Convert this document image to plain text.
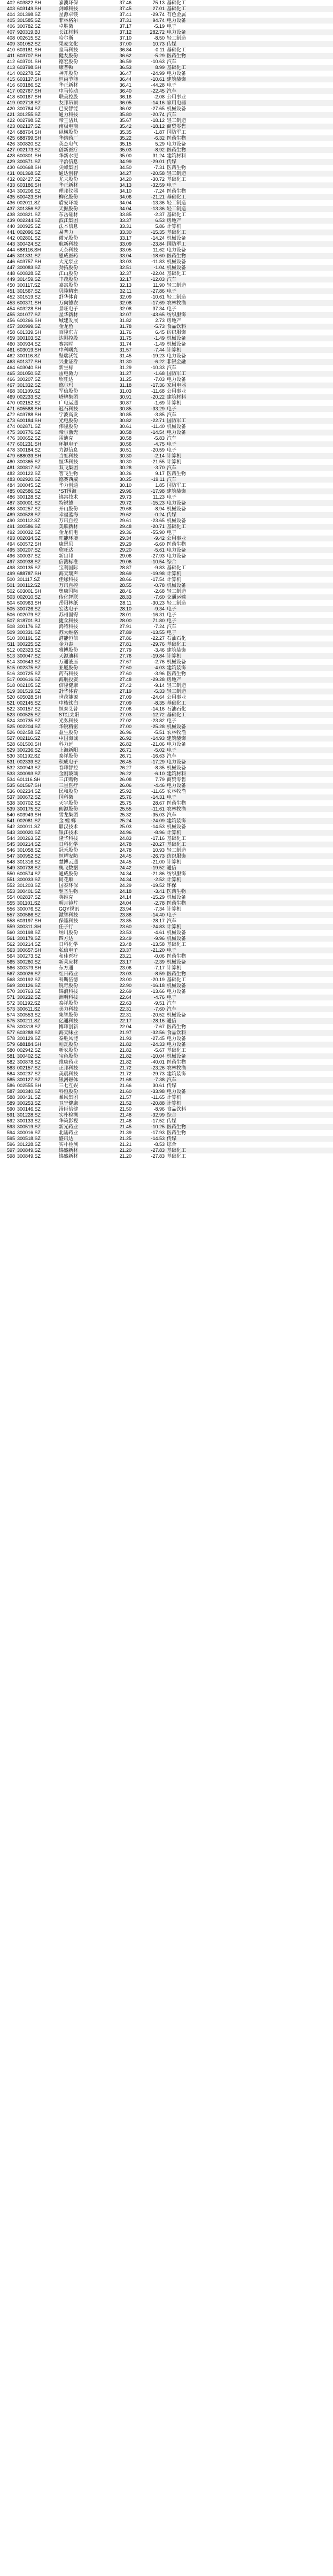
402	603822.SH	嘉澳环保	37.46	75.13	基础化工	
403	603149.SH	剑峰科技	37.45	27.01	基础化工	
404	301398.SZ	星源卓镁	37.41	-29.74	有色金属	
405	301585.SZ	菲林格尔	37.31	94.74	电力设备	
406	300782.SZ	卓胜微	37.17	-5.19	电子	
407	920319.BJ	长江材料	37.12	282.72	电力设备	
408	002615.SZ	哈尔斯	37.10	-8.50	轻工制造	
409	301052.SZ	果麦文化	37.00	10.73	传媒	
410	603181.SH	皇马科技	36.84	-0.11	基础化工	
411	603707.SH	健友股份	36.62	-5.29	医药生物	
412	603701.SH	德宏股份	36.59	-10.63	汽车	
413	603798.SH	康普顿	36.53	8.99	基础化工	
414	002278.SZ	神开股份	36.47	-24.99	电力设备	
415	603137.SH	恒尚节能	36.44	-10.61	建筑装饰	
416	603186.SZ	华正新材	36.41	-44.28	电子	
417	002767.SH	中马传动	36.40	-22.45	汽车	
418	600167.SH	联美控股	36.16	-2.08	公用事业	
419	002718.SZ	友邦吊顶	36.05	-14.16	家用电器	
420	300784.SZ	已安智能	36.02	-27.65	机械设备	
421	301255.SZ	通力科技	35.80	-20.74	汽车	
422	002798.SZ	帝王洁具	35.67	-18.12	轻工制造	
423	002127.SZ	南极电商	35.42	-18.12	商贸零售	
424	688704.SH	纵横股份	35.35	-1.87	国防军工	
425	688799.SH	华纳药厂	35.22	-6.32	医药生物	
426	300820.SZ	英杰电气	35.15	5.29	电力设备	
427	002173.SZ	创新医疗	35.03	-8.92	医药生物	
428	600801.SH	华新水泥	35.00	31.24	建筑材料	
429	300571.SZ	平治信息	34.99	-29.01	传媒	
430	600668.SH	尖峰集团	34.50	-7.31	医药生物	
431	001368.SZ	通达创智	34.27	-20.58	轻工制造	
432	002427.SZ	尤夫股份	34.20	-30.72	基础化工	
433	603186.SH	华正新材	34.13	-32.59	电子	
434	300206.SZ	理邦仪器	34.10	-7.24	医药生物	
435	600423.SH	柳化股份	34.06	-21.21	基础化工	
436	002011.SZ	盾安环境	34.04	-13.36	轻工制造	
437	301356.SZ	天振股份	34.04	-13.36	轻工制造	
438	300821.SZ	东岳硅材	33.85	-2.37	基础化工	
439	002244.SZ	滨江集团	33.37	6.53	房地产	
440	300925.SZ	法本信息	33.31	5.86	计算机	
441	002096.SZ	易普力	33.30	-15.35	基础化工	
442	002801.SZ	微光股份	33.17	-14.24	机械设备	
443	300424.SZ	航新科技	33.09	-23.84	国防军工	
444	688116.SH	天奈科技	33.05	11.62	电力设备	
445	301331.SZ	恩威医药	33.04	-18.60	医药生物	
446	603757.SH	大元泵业	33.03	-11.83	机械设备	
447	300083.SZ	劲拓股份	32.51	-1.04	机械设备	
448	600828.SZ	江山股份	32.37	-22.04	基础化工	
449	301459.SZ	丰茂股份	32.17	-12.03	汽车	
450	300117.SZ	嘉寓股份	32.13	11.90	轻工制造	
451	301567.SZ	贝隆精密	32.11	-27.86	电子	
452	301519.SZ	舒华体育	32.09	-10.61	轻工制造	
453	600371.SH	万向德农	32.08	-17.69	农林牧渔	
454	603228.SH	景旺电子	32.08	37.34	电子	
455	301077.SZ	星华新材	32.07	-43.65	纺织服饰	
456	600266.SH	城建发展	31.82	2.73	房地产	
457	300999.SZ	金龙鱼	31.78	-5.73	食品饮料	
458	601339.SH	百隆东方	31.76	6.45	纺织服饰	
459	300103.SZ	达刚控股	31.75	-1.49	机械设备	
460	300934.SZ	赛富时	31.74	-1.49	机械设备	
461	603019.SH	中科曙光	31.57	-7.44	计算机	
462	300116.SZ	坚瑞沃能	31.45	-19.23	电力设备	
463	601377.SH	兴业证券	31.30	-6.22	非银金融	
464	603040.SH	新坐标	31.29	-10.33	汽车	
465	301050.SZ	雷电微力	31.27	-1.68	国防军工	
466	300207.SZ	欣旺达	31.25	-7.03	电力设备	
467	301332.SZ	德尔玛	31.18	-17.36	家用电器	
468	301109.SZ	军信股份	31.03	-11.68	公用事业	
469	002233.SZ	塔牌集团	30.91	-20.22	建筑材料	
470	002152.SZ	广电运通	30.87	-1.69	计算机	
471	605588.SH	冠石科技	30.85	-33.29	电子	
472	603788.SH	宁波高发	30.85	-3.85	汽车	
473	600184.SH	光电股份	30.82	-22.71	国防军工	
474	002871.SZ	伟隆股份	30.61	-11.40	机械设备	
475	300776.SZ	帝尔激光	30.58	-14.54	电力设备	
476	300652.SZ	雷迪克	30.58	-5.83	汽车	
477	601231.SH	环旭电子	30.56	-4.75	电子	
478	300184.SZ	力源信息	30.51	-20.59	电子	
479	688039.SH	当虹科技	30.30	-2.14	计算机	
480	300365.SZ	恒华科技	30.30	-21.55	计算机	
481	300817.SZ	双飞集团	30.28	-3.70	汽车	
482	300122.SZ	智飞生物	30.26	9.17	医药生物	
483	002920.SZ	德赛西威	30.25	-19.11	汽车	
484	300045.SZ	华力创通	30.10	1.85	国防军工	
485	002586.SZ	*ST围海	29.96	-17.98	建筑装饰	
486	300128.SZ	锦富技术	29.73	11.23	电子	
487	300001.SZ	特锐德	29.72	-15.23	电力设备	
488	300257.SZ	开山股份	29.68	-8.94	机械设备	
489	300528.SZ	幸福蓝海	29.62	-0.24	传媒	
490	300112.SZ	万讯自控	29.61	-23.65	机械设备	
491	300586.SZ	美联新材	29.48	-20.71	基础化工	
492	300032.SZ	金龙机电	29.36	-55.90	电子	
493	002034.SZ	旺能环境	29.34	-9.42	公用事业	
494	600572.SH	康恩贝	29.29	-6.60	医药生物	
495	300207.SZ	欣旺达	29.20	-5.61	电力设备	
496	300037.SZ	新宙邦	29.06	-27.93	电力设备	
497	300938.SZ	信测标准	29.06	-10.54	综合	
498	300135.SZ	宝利国际	28.87	-9.83	基础化工	
499	688787.SH	海天瑞声	28.69	-19.98	计算机	
500	301117.SZ	佳缘科技	28.66	-17.54	计算机	
501	300112.SZ	万讯自控	28.55	-0.78	机械设备	
502	603001.SH	奥康国际	28.46	-2.68	轻工制造	
503	002010.SZ	传化智联	28.33	-7.60	交通运输	
504	600963.SH	岳阳林纸	28.11	-30.23	轻工制造	
505	300726.SZ	宏达电子	28.10	-9.34	电子	
506	002079.SZ	苏州固锝	28.01	-16.31	电子	
507	818701.BJ	捷众科技	28.00	71.80	电子	
508	300176.SZ	鸿特科技	27.91	-7.24	汽车	
509	300331.SZ	苏大维格	27.89	-13.55	电子	
510	300191.SZ	潜能恒信	27.86	-22.27	石油石化	
511	300225.SZ	金力泰	27.81	-29.76	基础化工	
512	002323.SZ	雅博股份	27.79	-3.46	建筑装饰	
513	300047.SZ	天源迪科	27.76	-19.84	计算机	
514	300643.SZ	万通液压	27.67	-2.76	机械设备	
515	002375.SZ	亚厦股份	27.60	-4.03	建筑装饰	
516	300725.SZ	药石科技	27.60	-3.96	医药生物	
517	000616.SZ	海航投资	27.48	-29.28	房地产	
518	002105.SZ	信隆健康	27.42	-9.14	轻工制造	
519	301519.SZ	舒华体育	27.19	-5.33	轻工制造	
520	605028.SH	世茂能源	27.09	-24.64	公用事业	
521	002145.SZ	中核钛白	27.09	-8.35	基础化工	
522	300157.SZ	恒泰艾普	27.06	-14.16	石油石化	
523	000525.SZ	ST红太阳	27.03	-12.72	基础化工	
524	300735.SZ	光弘科技	27.02	-23.82	电子	
525	002204.SZ	华锐精密	27.00	-25.28	机械设备	
526	002458.SZ	益生股份	26.96	-5.51	农林牧渔	
527	002116.SZ	中国海诚	26.92	-14.93	建筑装饰	
528	601500.SH	科力远	26.82	-21.06	电力设备	
529	300236.SZ	上海新阳	26.71	-5.02	电子	
530	301192.SZ	泰祥股份	26.71	-16.63	汽车	
531	002339.SZ	积成电子	26.45	-17.29	电力设备	
532	300943.SZ	春晖智控	26.27	-8.35	机械设备	
533	300093.SZ	金刚玻璃	26.22	-6.10	建筑材料	
534	601116.SH	三江购物	26.08	7.79	商贸零售	
535	601567.SH	三星医疗	26.06	-4.46	电力设备	
536	002234.SZ	民和股份	25.92	-11.65	农林牧渔	
537	300672.SZ	国科微	25.76	-14.31	电子	
538	300702.SZ	天宇股份	25.75	28.67	医药生物	
539	300175.SZ	朗源股份	25.55	-11.61	农林牧渔	
540	603949.SH	雪龙集团	25.32	-35.03	汽车	
541	002081.SZ	金 螳 螂	25.24	-24.09	建筑装饰	
542	300011.SZ	鼎汉技术	25.03	-14.53	机械设备	
543	300020.SZ	银江技术	24.96	-8.96	计算机	
544	300263.SZ	隆华科技	24.83	-17.16	基础化工	
545	300214.SZ	日科化学	24.78	-20.27	基础化工	
546	301058.SZ	冠禾股份	24.78	10.93	轻工制造	
547	300952.SZ	恒辉安防	24.45	-26.73	纺织服饰	
548	301316.SZ	慧博云通	24.45	-21.00	计算机	
549	300738.SZ	奥飞数据	24.42	-19.52	通信	
550	600574.SZ	通威股份	24.34	-21.86	纺织服饰	
551	300033.SZ	同花顺	24.34	-2.52	计算机	
552	301203.SZ	国泰环保	24.29	-19.52	环保	
553	300401.SZ	翌圣生物	24.18	-3.41	医药生物	
554	002837.SZ	英维克	24.14	-15.29	机械设备	
555	301101.SZ	明月镜片	24.04	-2.78	医药生物	
556	300076.SZ	GQY视讯	23.94	-7.34	计算机	
557	300566.SZ	激智科技	23.88	-14.40	电子	
558	603197.SH	保隆科技	23.85	-28.17	汽车	
559	300311.SH	任子行	23.60	-24.83	计算机	
560	300198.SZ	纳川股份	23.53	-4.61	机械设备	
561	300179.SZ	四方达	23.49	-9.96	机械设备	
562	300214.SZ	日科化学	23.48	-13.58	基础化工	
563	300657.SH	弘信电子	23.37	-21.20	电子	
564	300273.SZ	和佳医疗	23.21	-0.06	医药生物	
565	300260.SZ	新莱应材	23.17	-2.39	机械设备	
566	300379.SH	东方通	23.06	-7.17	计算机	
567	300026.SZ	红日药业	23.03	-8.59	医药生物	
568	300192.SZ	科斯伍德	23.00	-20.19	基础化工	
569	300126.SZ	锐奇股份	22.90	-16.18	机械设备	
570	300763.SZ	锦浪科技	22.69	-13.66	电力设备	
571	300232.SZ	洲明科技	22.64	-4.76	电子	
572	301192.SZ	泰祥股份	22.63	-9.51	汽车	
573	300611.SZ	美力科技	22.31	-7.60	汽车	
574	300553.SZ	集智股份	22.31	-20.52	机械设备	
575	300211.SZ	亿通科技	22.17	-28.16	通信	
576	300318.SZ	博晖创新	22.04	-7.67	医药生物	
577	603288.SZ	海天味业	21.97	-32.56	食品饮料	
578	300129.SZ	泰胜风能	21.93	-27.45	电力设备	
579	688184.SH	帕瓦股份	21.82	-24.33	电力设备	
580	002942.SZ	新农股份	21.82	-5.67	基础化工	
581	300402.SZ	宝色股份	21.82	-10.04	机械设备	
582	300878.SZ	维康药业	21.82	-40.01	医药生物	
583	002157.SZ	正邦科技	21.72	-23.26	农林牧渔	
584	300237.SZ	美晨科技	21.72	-29.73	建筑装饰	
585	300127.SZ	银河磁体	21.68	-7.38	汽车	
586	002555.SH	三七互娱	21.66	30.61	传媒	
587	300340.SZ	科恒股份	21.60	-33.98	电力设备	
588	300431.SZ	暴风集团	21.57	-11.65	计算机	
589	300253.SZ	卫宁健康	21.52	-20.88	计算机	
590	300146.SZ	汤臣倍健	21.50	-8.96	食品饮料	
591	301228.SZ	实朴检测	21.48	-32.99	综合	
592	300133.SZ	华策影视	21.48	-17.52	传媒	
593	300519.SZ	新光药业	21.45	-10.25	医药生物	
594	300016.SZ	北陆药业	21.39	-17.93	医药生物	
595	300518.SZ	盛讯达	21.25	-14.53	传媒	
596	301228.SZ	实朴检测	21.21	-8.53	综合	
597	300849.SZ	锦盛新材	21.20	-27.83	基础化工	
598	300849.SZ	锦盛新材	21.20	-27.83	基础化工	
